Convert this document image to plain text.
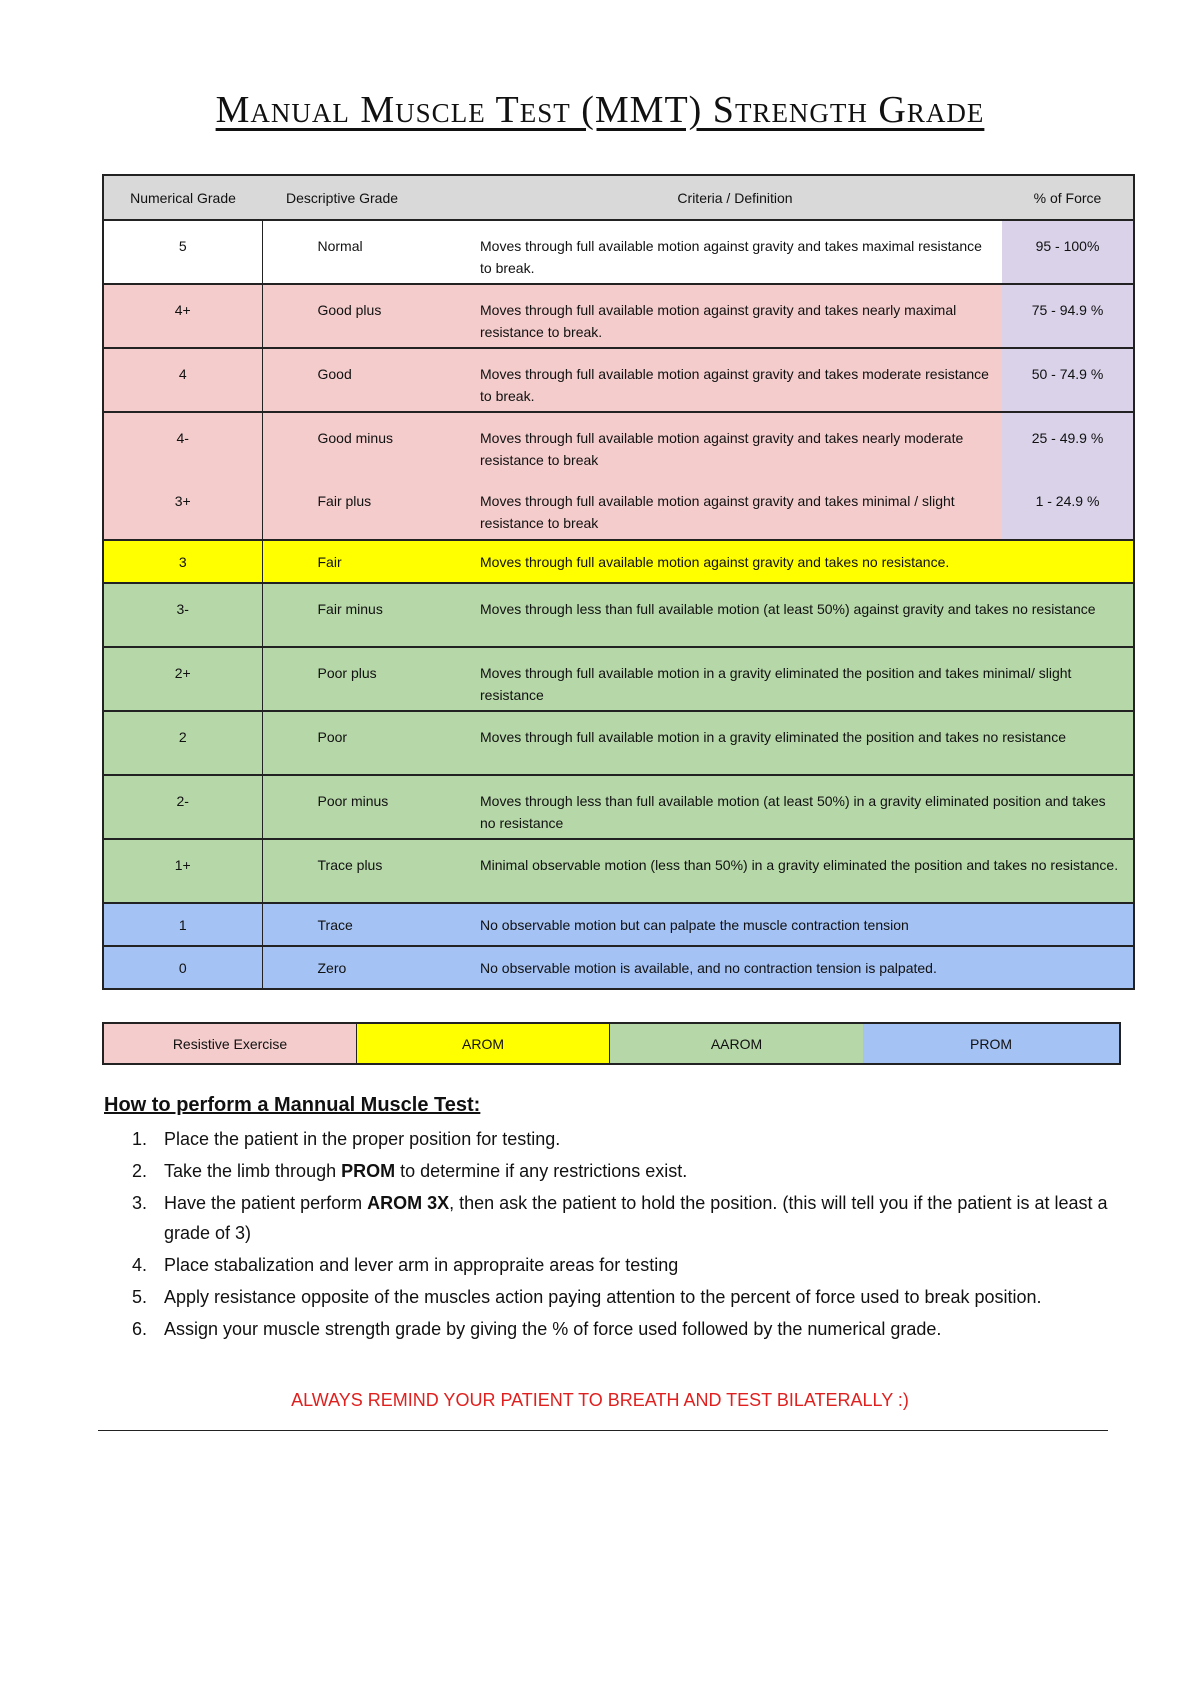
Manual Muscle Test (MMT) Strength Grade
Numerical Grade	Descriptive Grade	Criteria / Definition	% of Force
5	Normal	Moves through full available motion against gravity and takes maximal resistance to break.	95 - 100%
4+	Good plus	Moves through full available motion against gravity and takes nearly maximal resistance to break.	75 - 94.9 %
4	Good	Moves through full available motion against gravity and takes moderate resistance to break.	50 - 74.9 %
4-	Good minus	Moves through full available motion against gravity and takes nearly moderate resistance to break	25 - 49.9 %
3+	Fair plus	Moves through full available motion against gravity and takes minimal / slight resistance to break	1 - 24.9 %
3	Fair	Moves through full available motion against gravity and takes no resistance.	
3-	Fair minus	Moves through less than full available motion (at least 50%) against gravity and takes no resistance	
2+	Poor plus	Moves through full available motion in a gravity eliminated the position and takes minimal/ slight resistance	
2	Poor	Moves through full available motion in a gravity eliminated the position and takes no resistance	
2-	Poor minus	Moves through less than full available motion (at least 50%) in a gravity eliminated position and takes no resistance	
1+	Trace plus	Minimal observable motion (less than 50%) in a gravity eliminated the position and takes no resistance.	
1	Trace	No observable motion but can palpate the muscle contraction tension	
0	Zero	No observable motion is available, and no contraction tension is palpated.	
Resistive Exercise	AROM	AAROM	PROM
How to perform a Mannual Muscle Test:
1. Place the patient in the proper position for testing.
2. Take the limb through PROM to determine if any restrictions exist.
3. Have the patient perform AROM 3X, then ask the patient to hold the position. (this will tell you if the patient is at least a grade of 3)
4. Place stabalization and lever arm in appropraite areas for testing
5. Apply resistance opposite of the muscles action paying attention to the percent of force used to break position.
6. Assign your muscle strength grade by giving the % of force used followed by the numerical grade.
ALWAYS REMIND YOUR PATIENT TO BREATH AND TEST BILATERALLY :)
